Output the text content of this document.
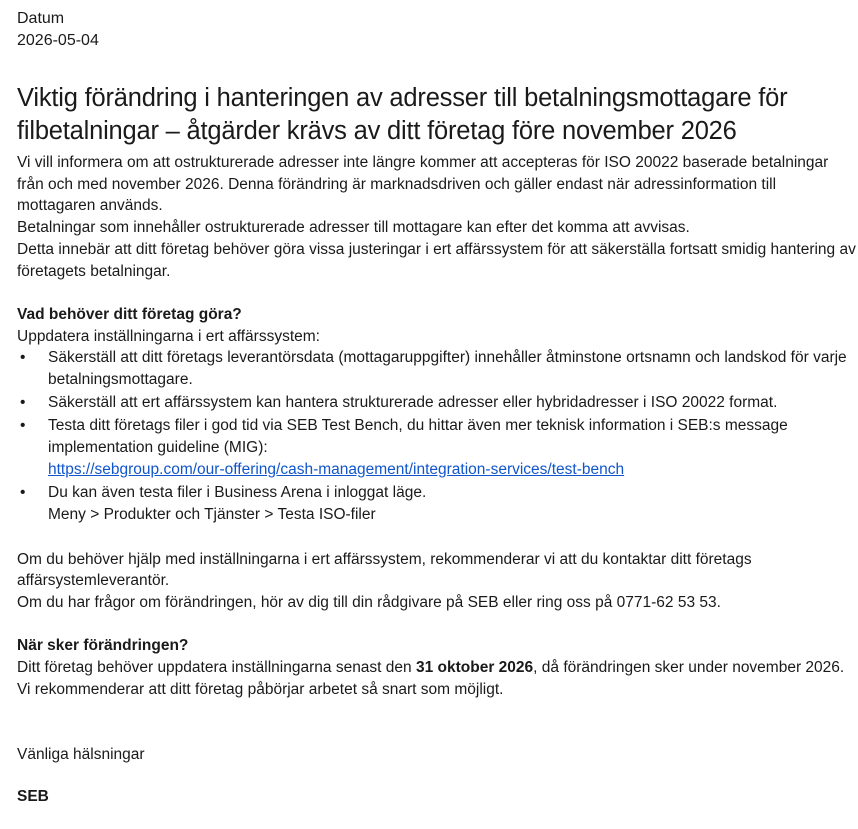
Datum
2026-05-04
Viktig förändring i hanteringen av adresser till betalningsmottagare för filbetalningar – åtgärder krävs av ditt företag före november 2026

Vi vill informera om att ostrukturerade adresser inte längre kommer att accepteras för ISO 20022 baserade betalningar från och med november 2026. Denna förändring är marknadsdriven och gäller endast när adressinformation till mottagaren används.

Betalningar som innehåller ostrukturerade adresser till mottagare kan efter det komma att avvisas.

Detta innebär att ditt företag behöver göra vissa justeringar i ert affärssystem för att säkerställa fortsatt smidig hantering av företagets betalningar.

Vad behöver ditt företag göra?

Uppdatera inställningarna i ert affärssystem:

• Säkerställ att ditt företags leverantörsdata (mottagaruppgifter) innehåller åtminstone ortsnamn och landskod för varje betalningsmottagare.
• Säkerställ att ert affärssystem kan hantera strukturerade adresser eller hybridadresser i ISO 20022 format.
• Testa ditt företags filer i god tid via SEB Test Bench, du hittar även mer teknisk information i SEB:s message implementation guideline (MIG):
https://sebgroup.com/our-offering/cash-management/integration-services/test-bench
• Du kan även testa filer i Business Arena i inloggat läge.
Meny > Produkter och Tjänster > Testa ISO-filer

Om du behöver hjälp med inställningarna i ert affärssystem, rekommenderar vi att du kontaktar ditt företags affärsystemleverantör.

Om du har frågor om förändringen, hör av dig till din rådgivare på SEB eller ring oss på 0771-62 53 53.

När sker förändringen?

Ditt företag behöver uppdatera inställningarna senast den 31 oktober 2026, då förändringen sker under november 2026. Vi rekommenderar att ditt företag påbörjar arbetet så snart som möjligt.

Vänliga hälsningar

SEB
